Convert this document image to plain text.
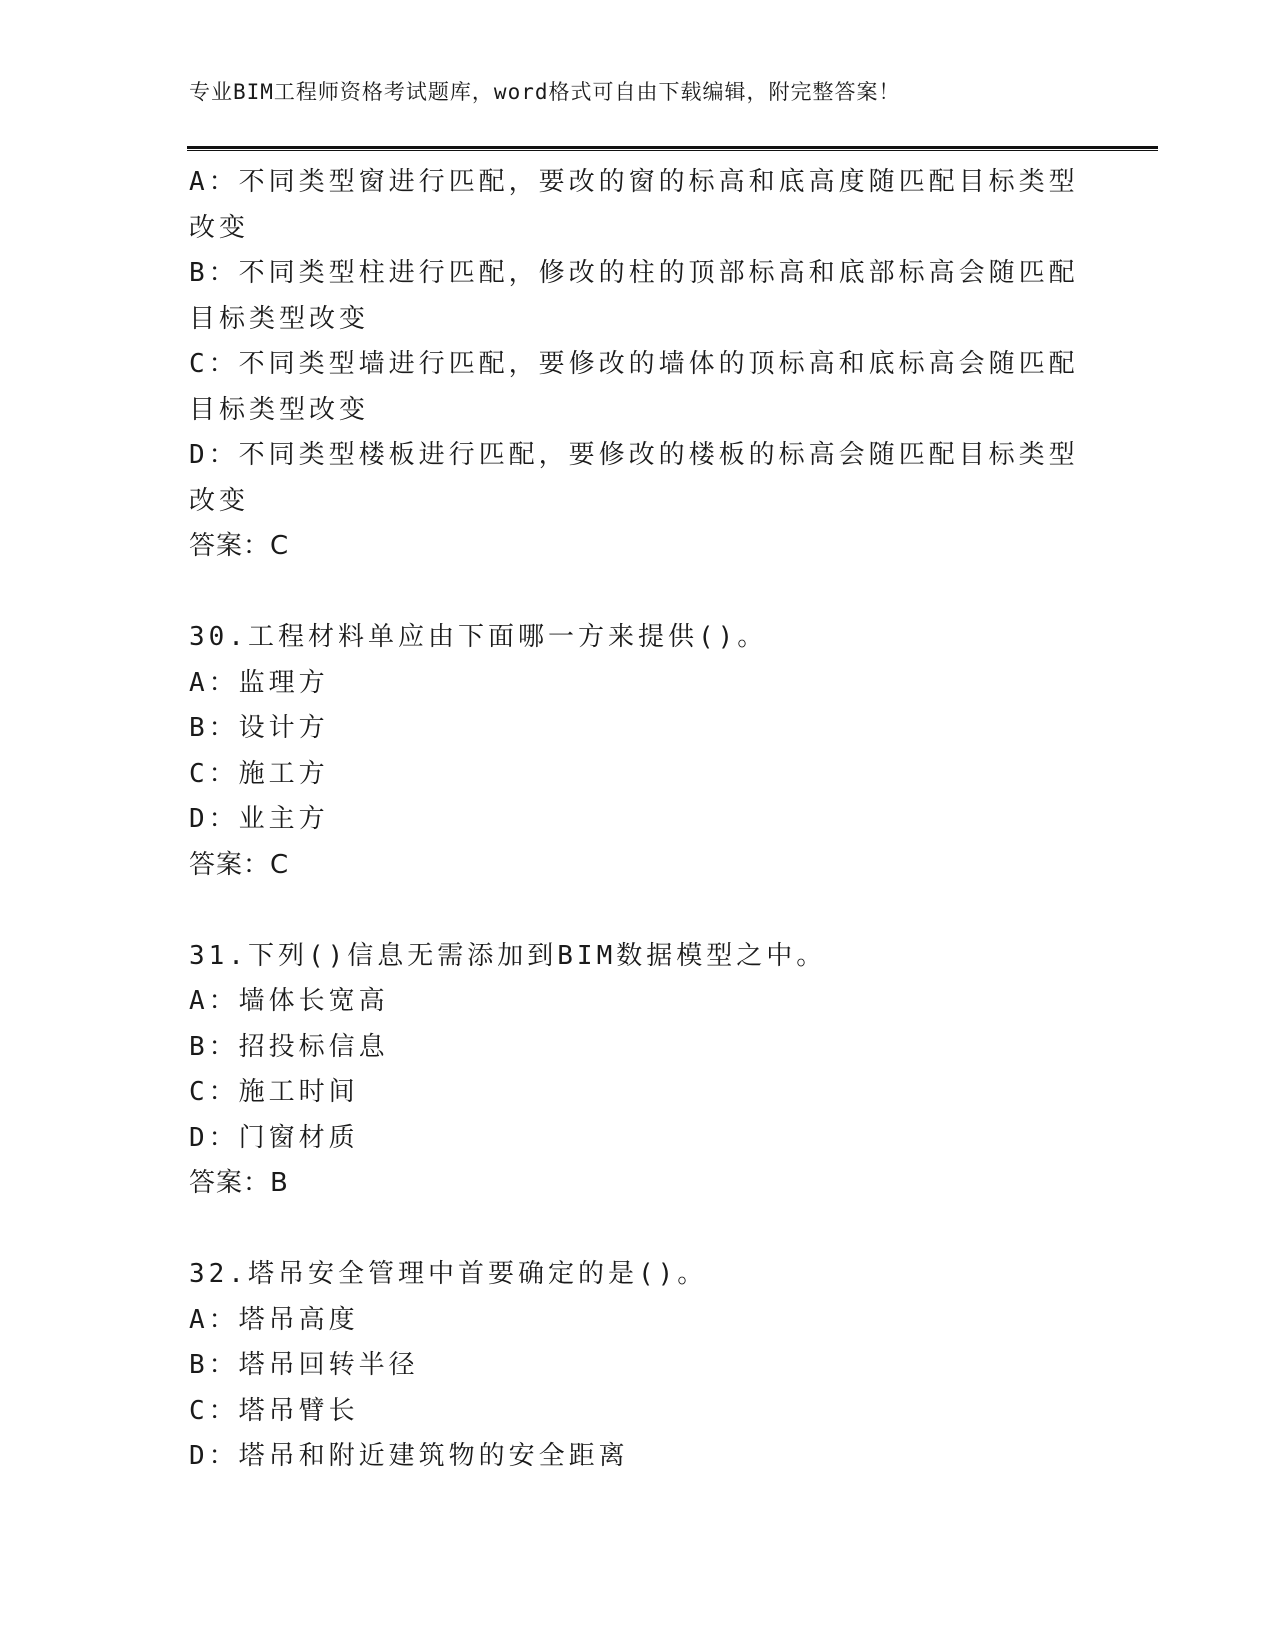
专业BIM工程师资格考试题库，word格式可自由下载编辑，附完整答案！
A：不同类型窗进行匹配，要改的窗的标高和底高度随匹配目标类型改变
B：不同类型柱进行匹配，修改的柱的顶部标高和底部标高会随匹配目标类型改变
C：不同类型墙进行匹配，要修改的墙体的顶标高和底标高会随匹配目标类型改变
D：不同类型楼板进行匹配，要修改的楼板的标高会随匹配目标类型改变
答案：C
30.工程材料单应由下面哪一方来提供()。
A：监理方
B：设计方
C：施工方
D：业主方
答案：C
31.下列()信息无需添加到BIM数据模型之中。
A：墙体长宽高
B：招投标信息
C：施工时间
D：门窗材质
答案：B
32.塔吊安全管理中首要确定的是()。
A：塔吊高度
B：塔吊回转半径
C：塔吊臂长
D：塔吊和附近建筑物的安全距离
